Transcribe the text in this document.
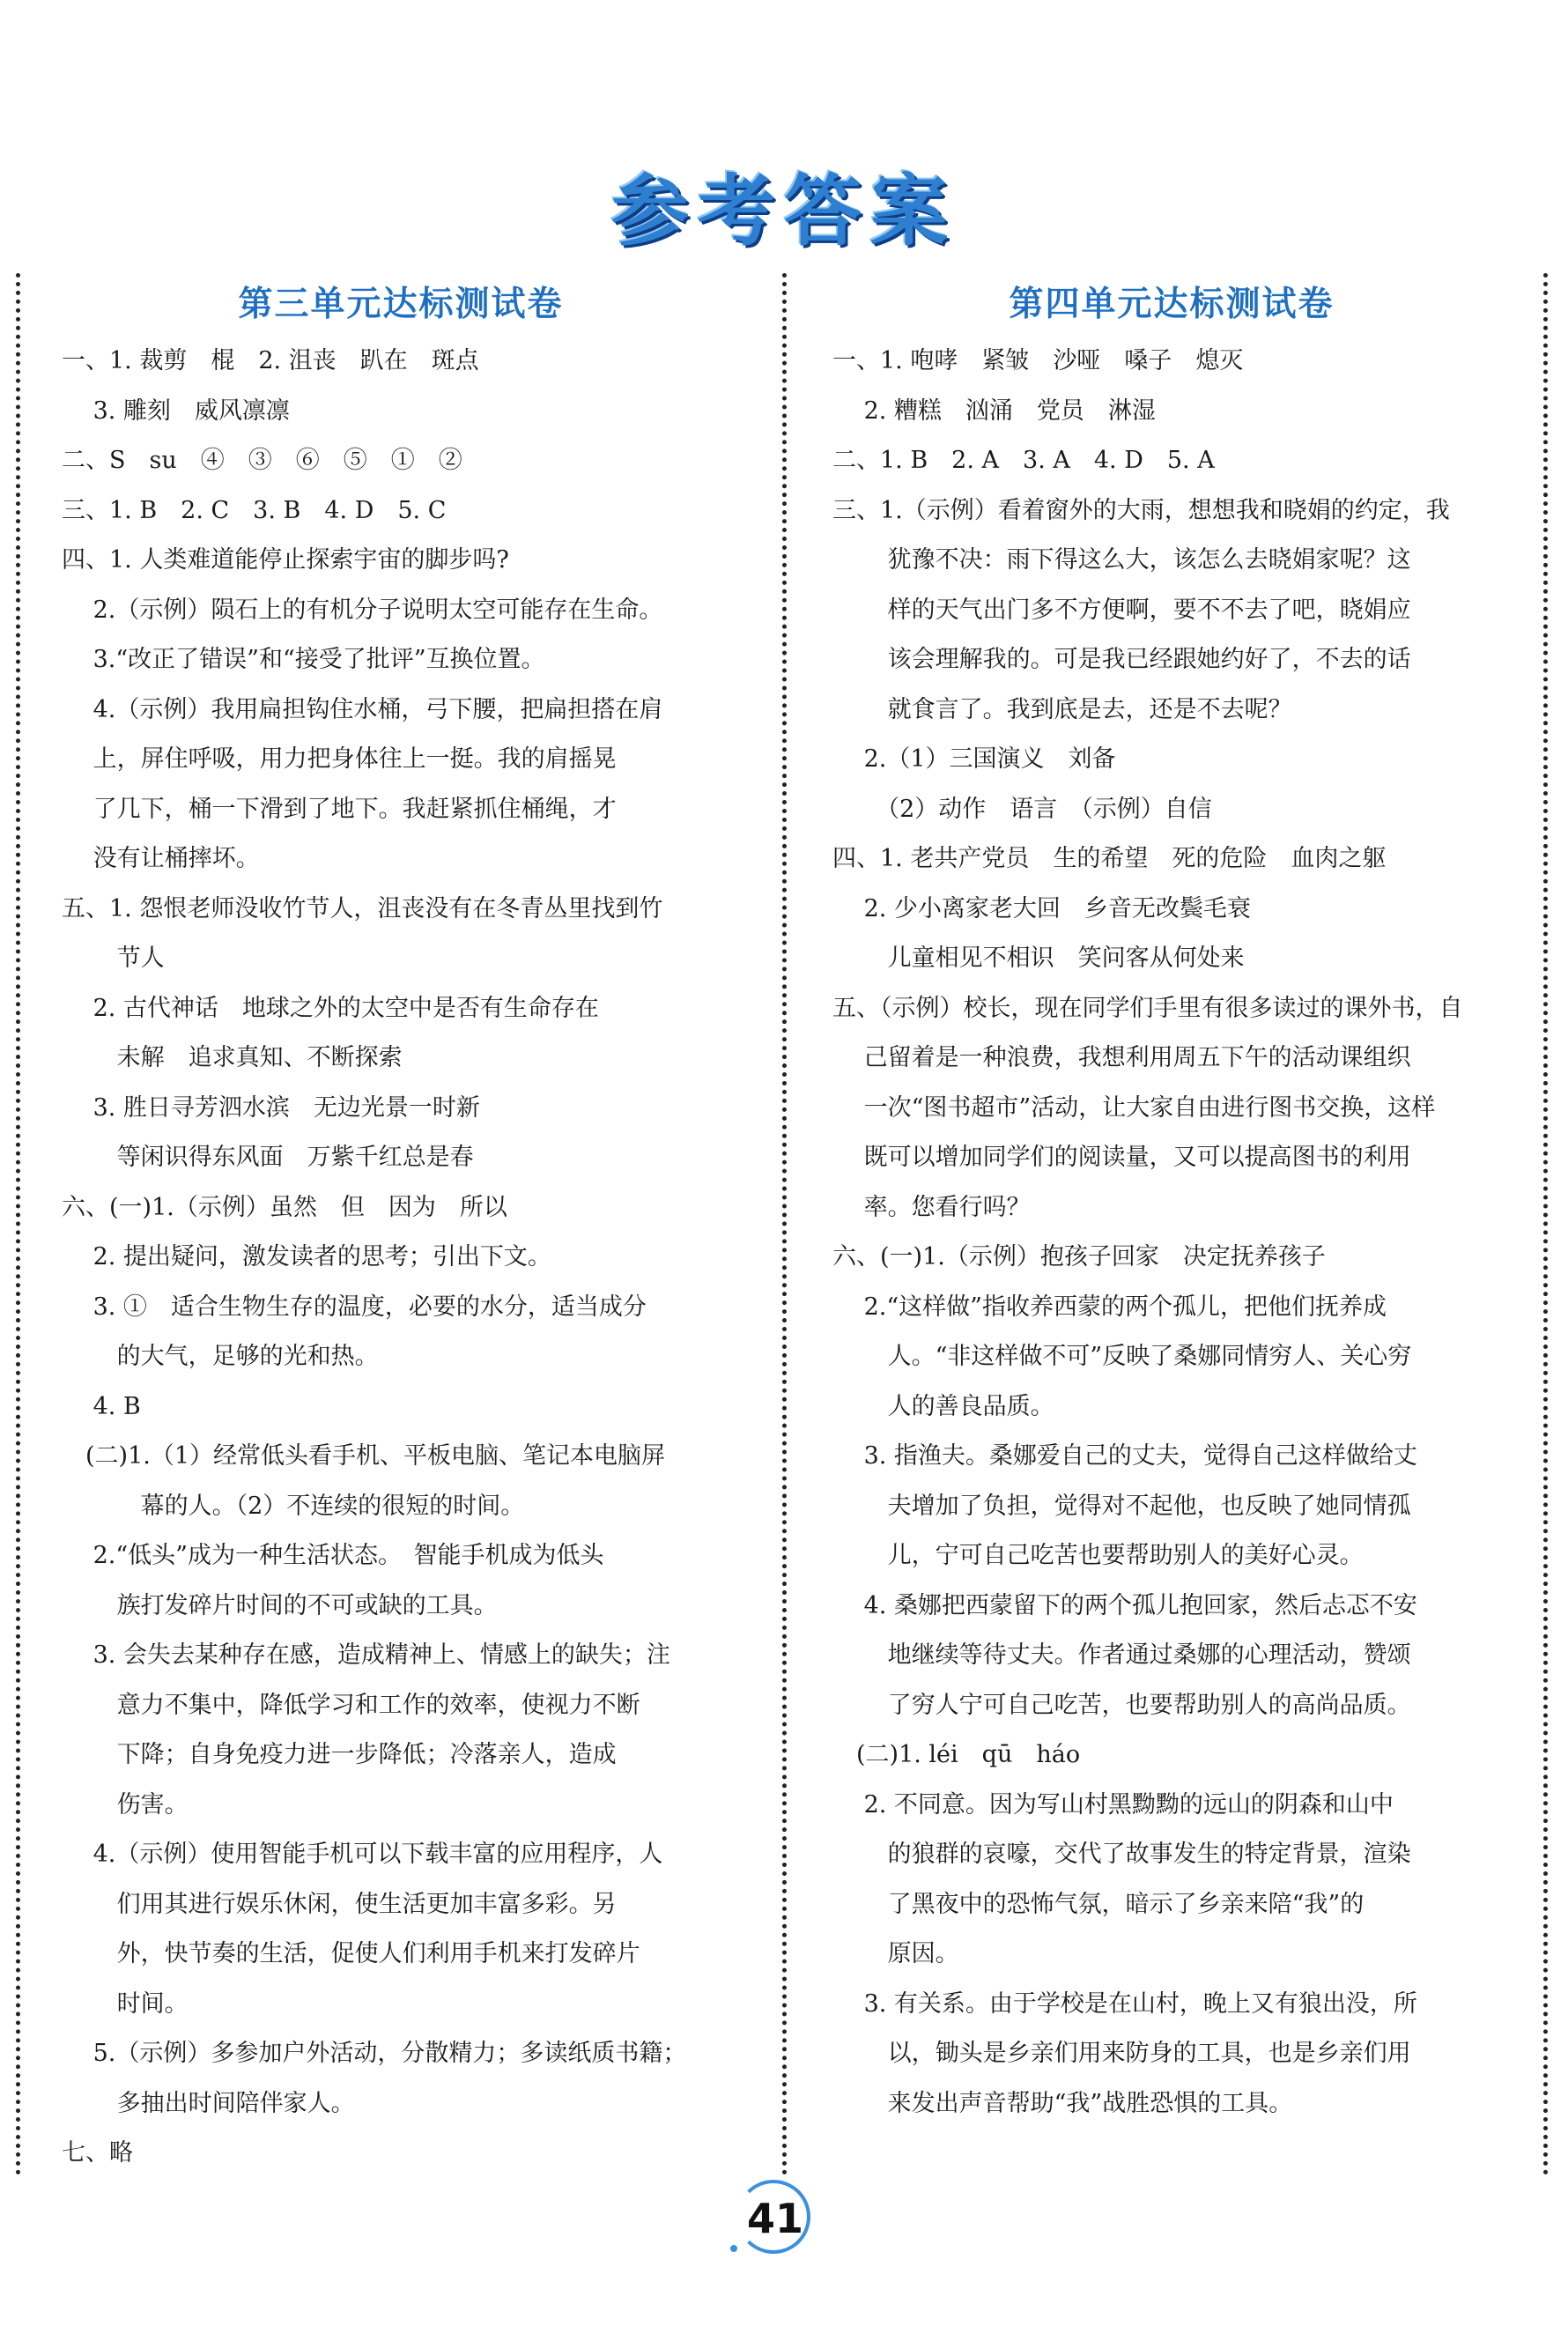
参考答案
第三单元达标测试卷
一、1. 裁剪　棍　2. 沮丧　趴在　斑点
　 3. 雕刻　威风凛凛
二、S　su　④　③　⑥　⑤　①　②
三、1. B　2. C　3. B　4. D　5. C
四、1. 人类难道能停止探索宇宙的脚步吗?
　 2.（示例）陨石上的有机分子说明太空可能存在生命。
　 3.“改正了错误”和“接受了批评”互换位置。
　 4.（示例）我用扁担钩住水桶，弓下腰，把扁担搭在肩
　 上，屏住呼吸，用力把身体往上一挺。我的肩摇晃
　 了几下，桶一下滑到了地下。我赶紧抓住桶绳，才
　 没有让桶摔坏。
五、1. 怨恨老师没收竹节人，沮丧没有在冬青丛里找到竹
　 　节人
　 2. 古代神话　地球之外的太空中是否有生命存在
　 　未解　追求真知、不断探索
　 3. 胜日寻芳泗水滨　无边光景一时新
　 　等闲识得东风面　万紫千红总是春
六、(一)1.（示例）虽然　但　因为　所以
　 2. 提出疑问，激发读者的思考；引出下文。
　 3. ①　适合生物生存的温度，必要的水分，适当成分
　 　的大气，足够的光和热。
　 4. B
　(二)1.（1）经常低头看手机、平板电脑、笔记本电脑屏
　 　　幕的人。（2）不连续的很短的时间。
　 2.“低头”成为一种生活状态。　智能手机成为低头
　 　族打发碎片时间的不可或缺的工具。
　 3. 会失去某种存在感，造成精神上、情感上的缺失；注
　 　意力不集中，降低学习和工作的效率，使视力不断
　 　下降；自身免疫力进一步降低；冷落亲人，造成
　 　伤害。
　 4.（示例）使用智能手机可以下载丰富的应用程序，人
　 　们用其进行娱乐休闲，使生活更加丰富多彩。另
　 　外，快节奏的生活，促使人们利用手机来打发碎片
　 　时间。
　 5.（示例）多参加户外活动，分散精力；多读纸质书籍；
　 　多抽出时间陪伴家人。
七、略
第四单元达标测试卷
一、1. 咆哮　紧皱　沙哑　嗓子　熄灭
　 2. 糟糕　汹涌　党员　淋湿
二、1. B　2. A　3. A　4. D　5. A
三、1.（示例）看着窗外的大雨，想想我和晓娟的约定，我
　 　犹豫不决：雨下得这么大，该怎么去晓娟家呢？这
　 　样的天气出门多不方便啊，要不不去了吧，晓娟应
　 　该会理解我的。可是我已经跟她约好了，不去的话
　 　就食言了。我到底是去，还是不去呢？
　 2.（1）三国演义　刘备
　 　（2）动作　语言　（示例）自信
四、1. 老共产党员　生的希望　死的危险　血肉之躯
　 2. 少小离家老大回　乡音无改鬓毛衰
　 　儿童相见不相识　笑问客从何处来
五、（示例）校长，现在同学们手里有很多读过的课外书，自
　 己留着是一种浪费，我想利用周五下午的活动课组织
　 一次“图书超市”活动，让大家自由进行图书交换，这样
　 既可以增加同学们的阅读量，又可以提高图书的利用
　 率。您看行吗？
六、(一)1.（示例）抱孩子回家　决定抚养孩子
　 2.“这样做”指收养西蒙的两个孤儿，把他们抚养成
　 　人。“非这样做不可”反映了桑娜同情穷人、关心穷
　 　人的善良品质。
　 3. 指渔夫。桑娜爱自己的丈夫，觉得自己这样做给丈
　 　夫增加了负担，觉得对不起他，也反映了她同情孤
　 　儿，宁可自己吃苦也要帮助别人的美好心灵。
　 4. 桑娜把西蒙留下的两个孤儿抱回家，然后忐忑不安
　 　地继续等待丈夫。作者通过桑娜的心理活动，赞颂
　 　了穷人宁可自己吃苦，也要帮助别人的高尚品质。
　(二)1. léi　qū　háo
　 2. 不同意。因为写山村黑黝黝的远山的阴森和山中
　 　的狼群的哀嚎，交代了故事发生的特定背景，渲染
　 　了黑夜中的恐怖气氛，暗示了乡亲来陪“我”的
　 　原因。
　 3. 有关系。由于学校是在山村，晚上又有狼出没，所
　 　以，锄头是乡亲们用来防身的工具，也是乡亲们用
　 　来发出声音帮助“我”战胜恐惧的工具。
41
